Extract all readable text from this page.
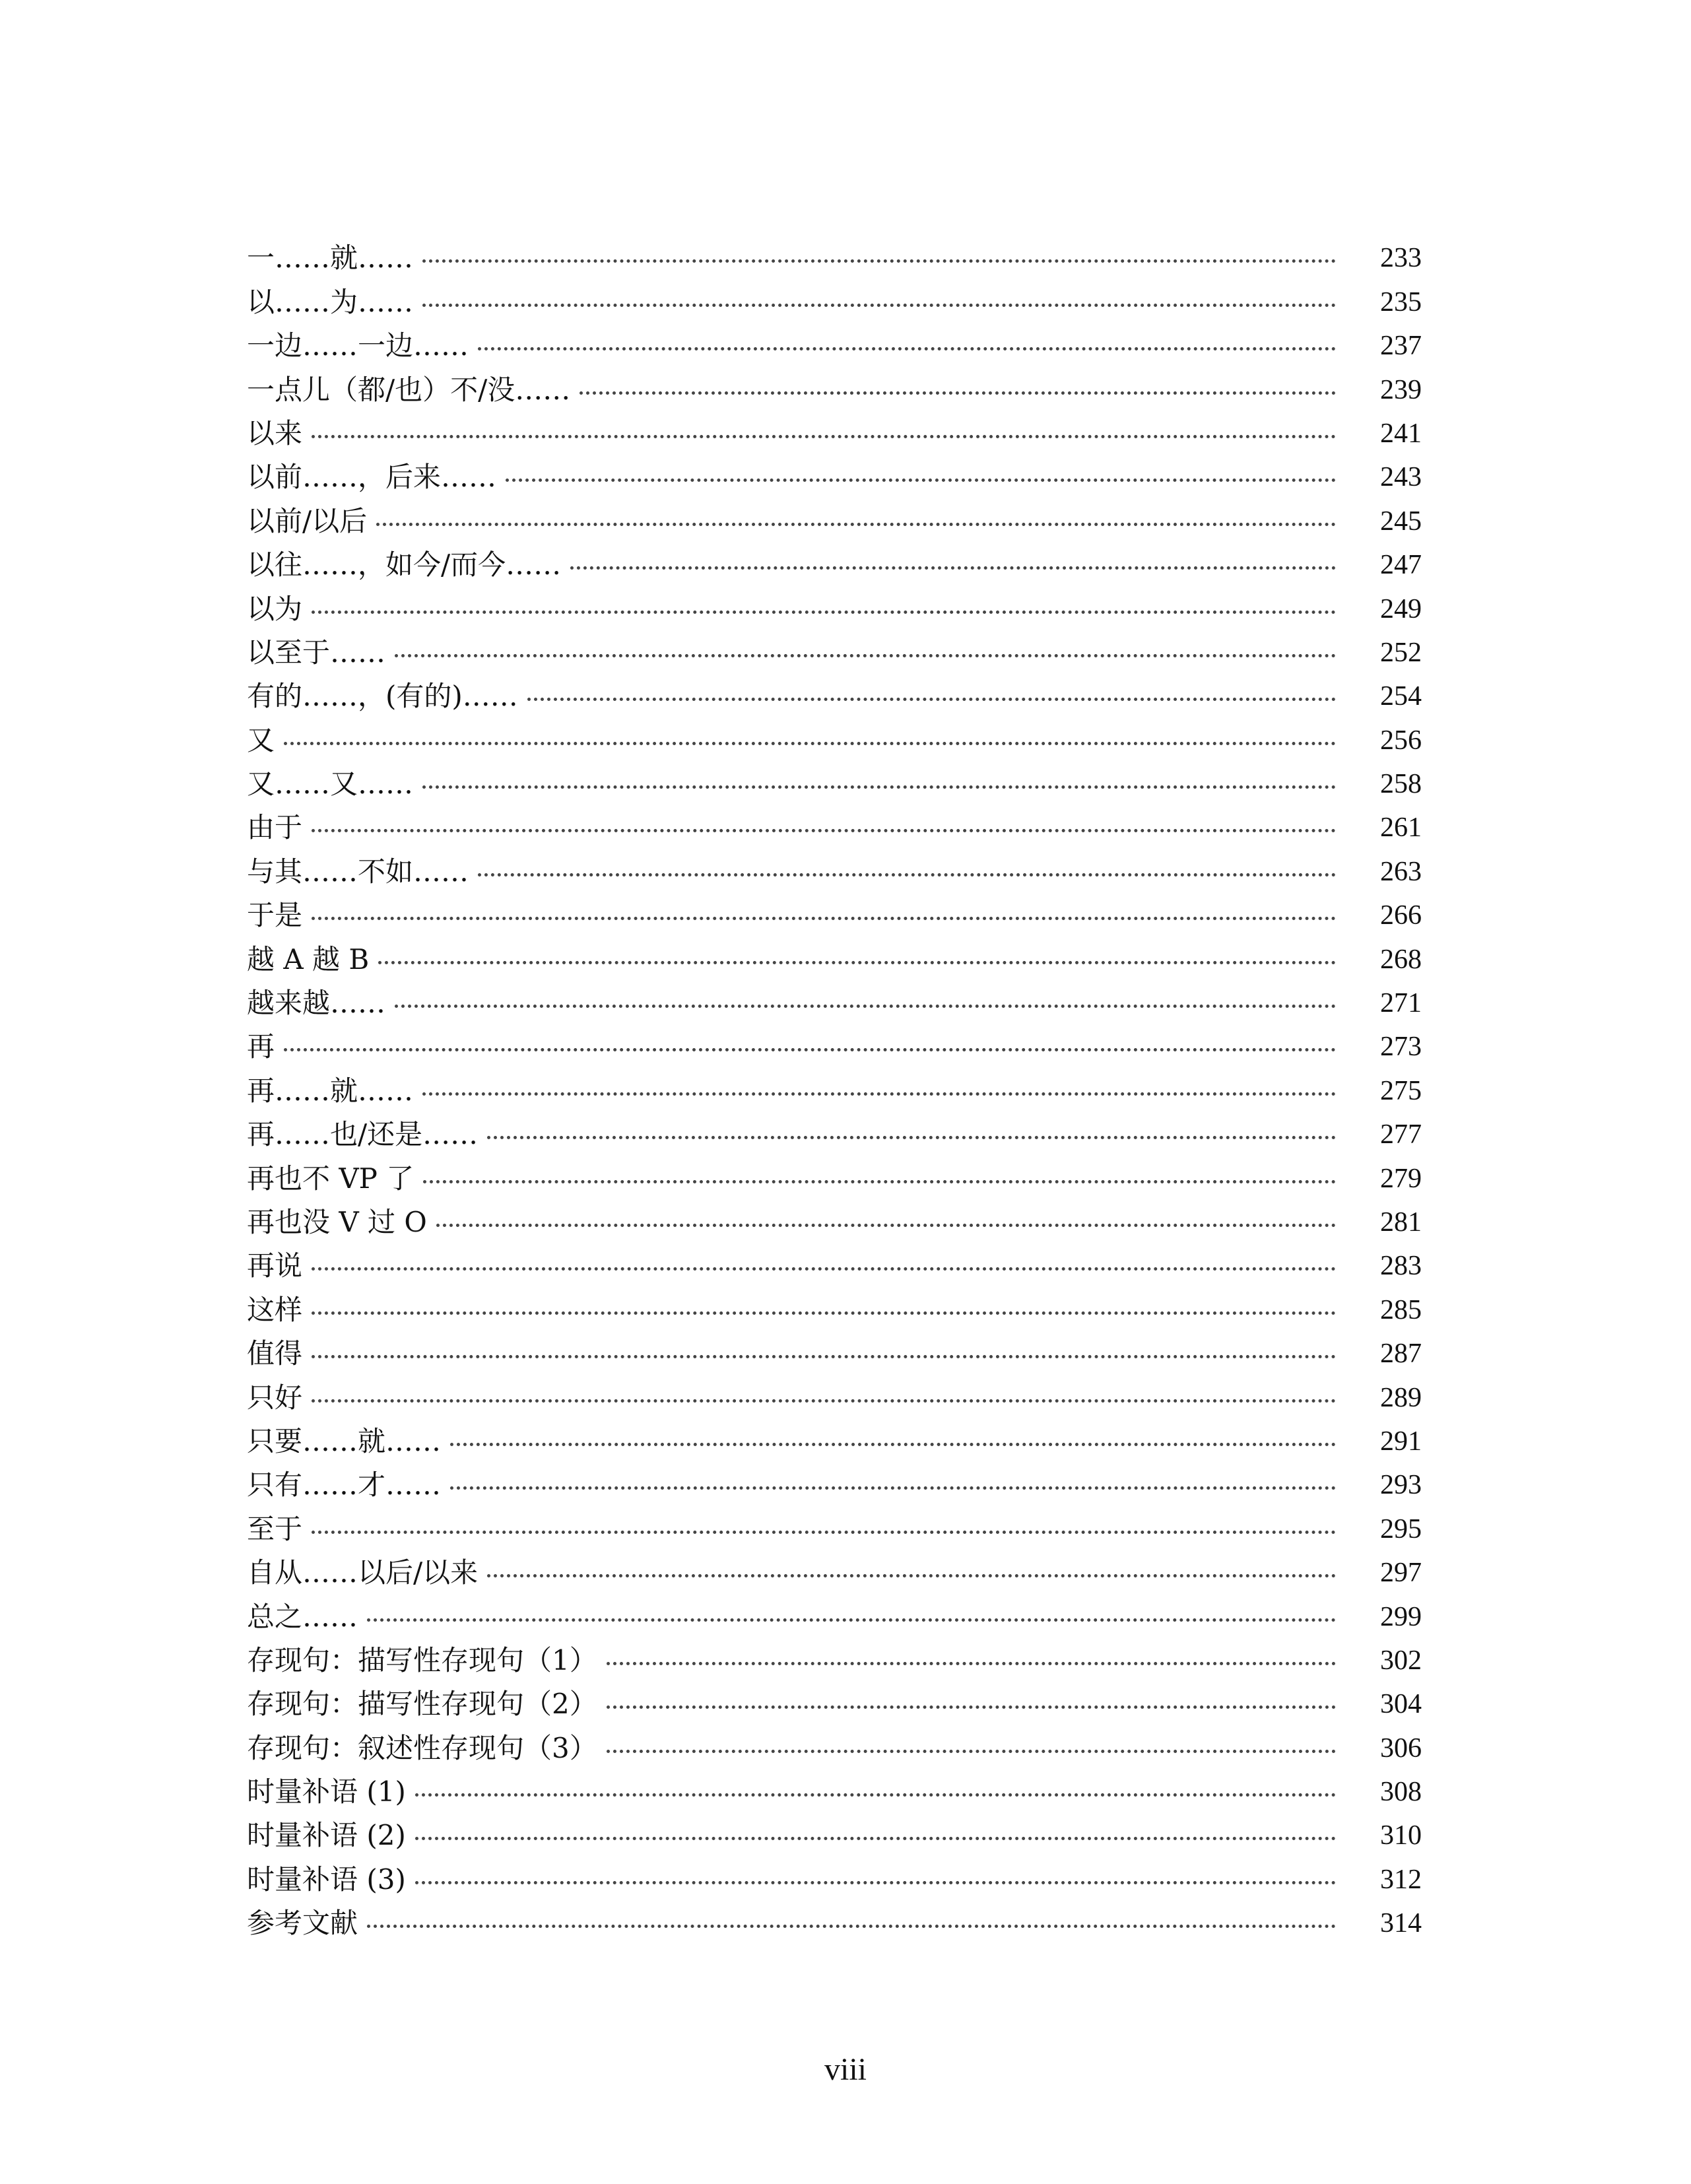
一……就……	233
以……为……	235
一边……一边……	237
一点儿（都/也）不/没……	239
以来	241
以前……，后来……	243
以前/以后	245
以往……，如今/而今……	247
以为	249
以至于……	252
有的……，(有的)……	254
又	256
又……又……	258
由于	261
与其……不如……	263
于是	266
越 A 越 B	268
越来越……	271
再	273
再……就……	275
再……也/还是……	277
再也不 VP 了	279
再也没 V 过 O	281
再说	283
这样	285
值得	287
只好	289
只要……就……	291
只有……才……	293
至于	295
自从……以后/以来	297
总之……	299
存现句：描写性存现句（1）	302
存现句：描写性存现句（2）	304
存现句：叙述性存现句（3）	306
时量补语 (1)	308
时量补语 (2)	310
时量补语 (3)	312
参考文献	314
viii
